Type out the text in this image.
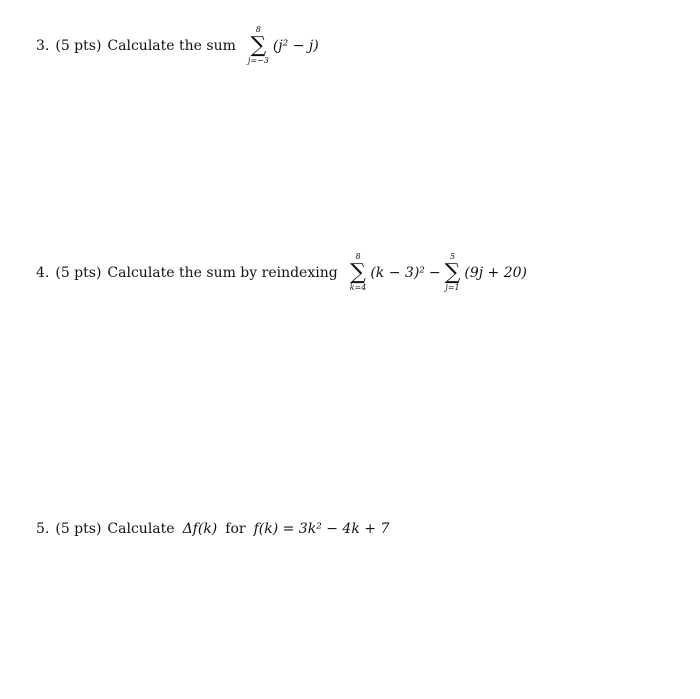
3. (5 pts) Calculate the sum
8
∑
j=−3
(j² − j)
4. (5 pts) Calculate the sum by reindexing
8
∑
k=4
(k − 3)² −
5
∑
j=1
(9j + 20)
5. (5 pts) Calculate Δf(k) for f(k) = 3k² − 4k + 7
